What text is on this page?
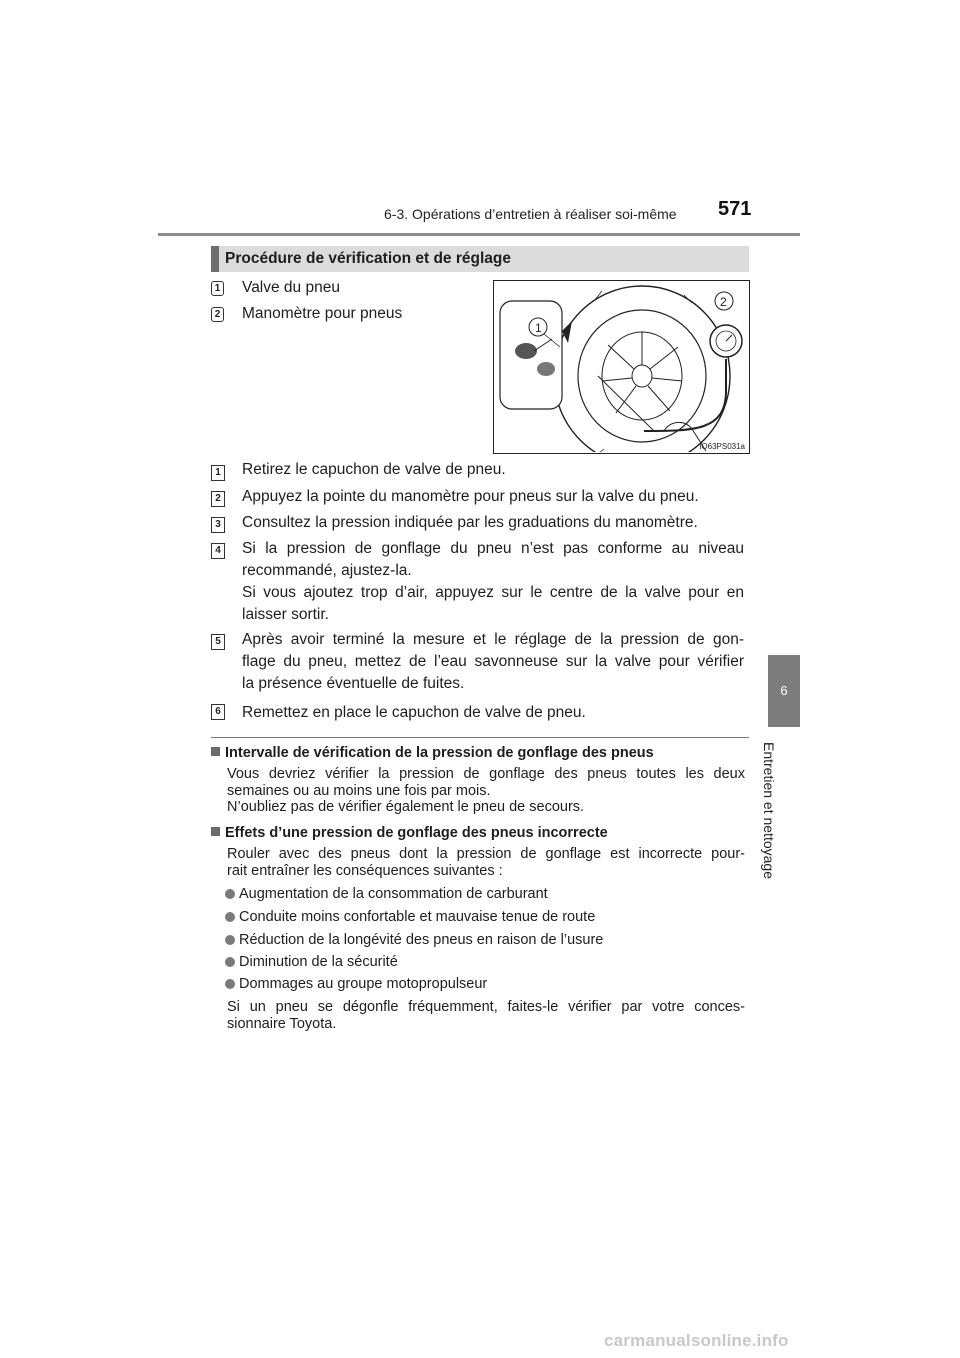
6-3. Opérations d’entretien à réaliser soi-même 571
6
Entretien et nettoyage
Procédure de vérification et de réglage
1 Valve du pneu
2 Manomètre pour pneus
1
2
IO63PS031a
1 Retirez le capuchon de valve de pneu.
2 Appuyez la pointe du manomètre pour pneus sur la valve du pneu.
3 Consultez la pression indiquée par les graduations du manomètre.
4 Si la pression de gonflage du pneu n’est pas conforme au niveau
recommandé, ajustez-la.
Si vous ajoutez trop d’air, appuyez sur le centre de la valve pour en
laisser sortir.
5 Après avoir terminé la mesure et le réglage de la pression de gon-
flage du pneu, mettez de l’eau savonneuse sur la valve pour vérifier
la présence éventuelle de fuites.
6 Remettez en place le capuchon de valve de pneu.
Intervalle de vérification de la pression de gonflage des pneus
Vous devriez vérifier la pression de gonflage des pneus toutes les deux
semaines ou au moins une fois par mois.
N’oubliez pas de vérifier également le pneu de secours.
Effets d’une pression de gonflage des pneus incorrecte
Rouler avec des pneus dont la pression de gonflage est incorrecte pour-
rait entraîner les conséquences suivantes :
Augmentation de la consommation de carburant
Conduite moins confortable et mauvaise tenue de route
Réduction de la longévité des pneus en raison de l’usure
Diminution de la sécurité
Dommages au groupe motopropulseur
Si un pneu se dégonfle fréquemment, faites-le vérifier par votre conces-
sionnaire Toyota.
carmanualsonline.info
